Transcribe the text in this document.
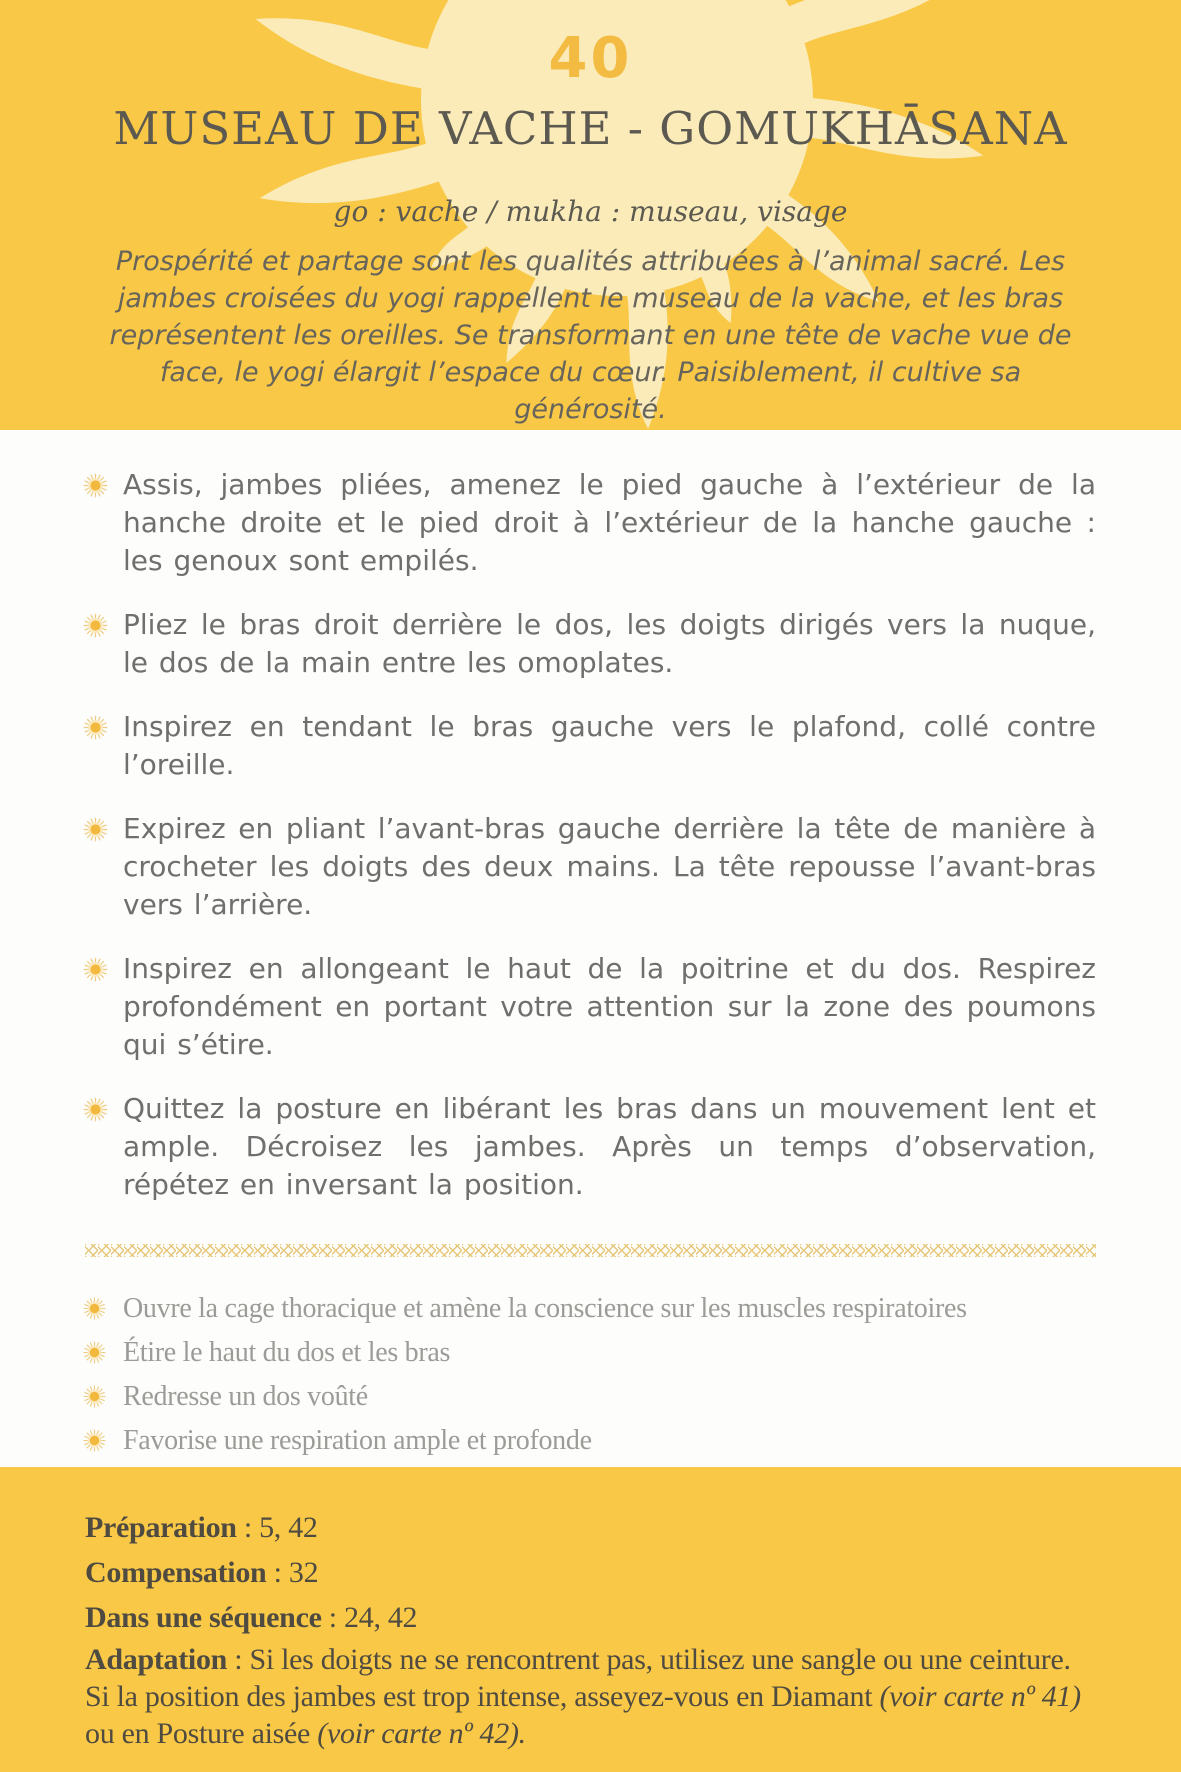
40
MUSEAU DE VACHE - GOMUKHĀSANA
go : vache / mukha : museau, visage

Prospérité et partage sont les qualités attribuées à l’animal sacré. Les jambes croisées du yogi rappellent le museau de la vache, et les bras représentent les oreilles. Se transformant en une tête de vache vue de face, le yogi élargit l’espace du cœur. Paisiblement, il cultive sa générosité.

Assis, jambes pliées, amenez le pied gauche à l’extérieur de la hanche droite et le pied droit à l’extérieur de la hanche gauche : les genoux sont empilés.
Pliez le bras droit derrière le dos, les doigts dirigés vers la nuque, le dos de la main entre les omoplates.
Inspirez en tendant le bras gauche vers le plafond, collé contre l’oreille.
Expirez en pliant l’avant-bras gauche derrière la tête de manière à crocheter les doigts des deux mains. La tête repousse l’avant-bras vers l’arrière.
Inspirez en allongeant le haut de la poitrine et du dos. Respirez profondément en portant votre attention sur la zone des poumons qui s’étire.
Quittez la posture en libérant les bras dans un mouvement lent et ample. Décroisez les jambes. Après un temps d’observation, répétez en inversant la position.
Ouvre la cage thoracique et amène la conscience sur les muscles respiratoires
Étire le haut du dos et les bras
Redresse un dos voûté
Favorise une respiration ample et profonde
Préparation : 5, 42
Compensation : 32
Dans une séquence : 24, 42

Adaptation : Si les doigts ne se rencontrent pas, utilisez une sangle ou une ceinture. Si la position des jambes est trop intense, asseyez-vous en Diamant (voir carte nº 41) ou en Posture aisée (voir carte nº 42).
